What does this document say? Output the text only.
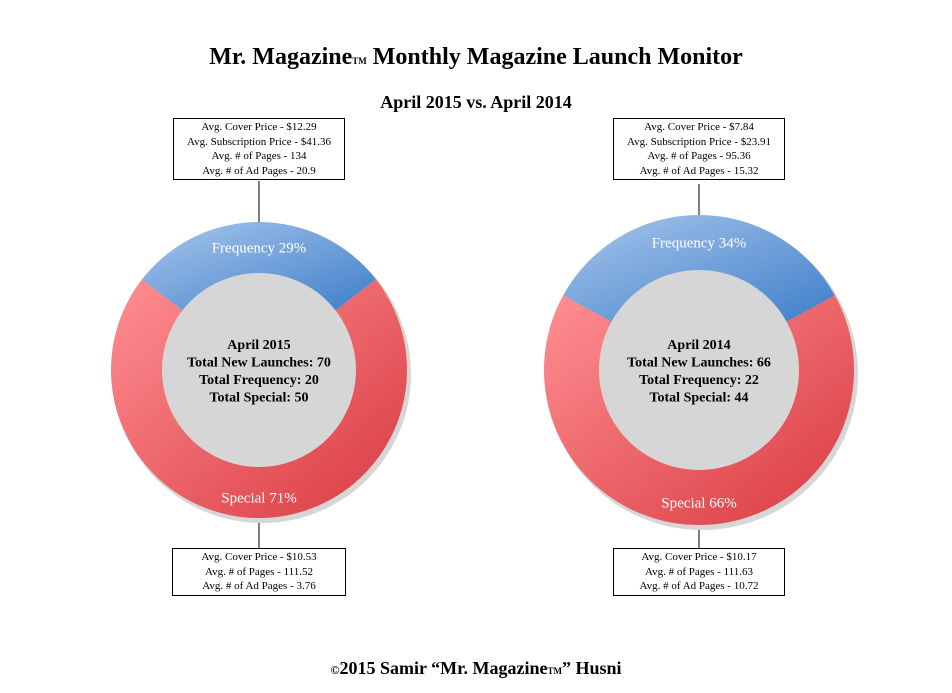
Mr. MagazineTM Monthly Magazine Launch Monitor
April 2015 vs. April 2014
Frequency 29%
Special 71%
April 2015
Total New Launches: 70
Total Frequency: 20
Total Special: 50
Frequency 34%
Special 66%
April 2014
Total New Launches: 66
Total Frequency: 22
Total Special: 44
Avg. Cover Price - $12.29
Avg. Subscription Price - $41.36
Avg. # of Pages - 134
Avg. # of Ad Pages - 20.9
Avg. Cover Price - $10.53
Avg. # of Pages - 111.52
Avg. # of Ad Pages - 3.76
Avg. Cover Price - $7.84
Avg. Subscription Price - $23.91
Avg. # of Pages - 95.36
Avg. # of Ad Pages - 15.32
Avg. Cover Price - $10.17
Avg. # of Pages - 111.63
Avg. # of Ad Pages - 10.72
©2015 Samir “Mr. MagazineTM” Husni
